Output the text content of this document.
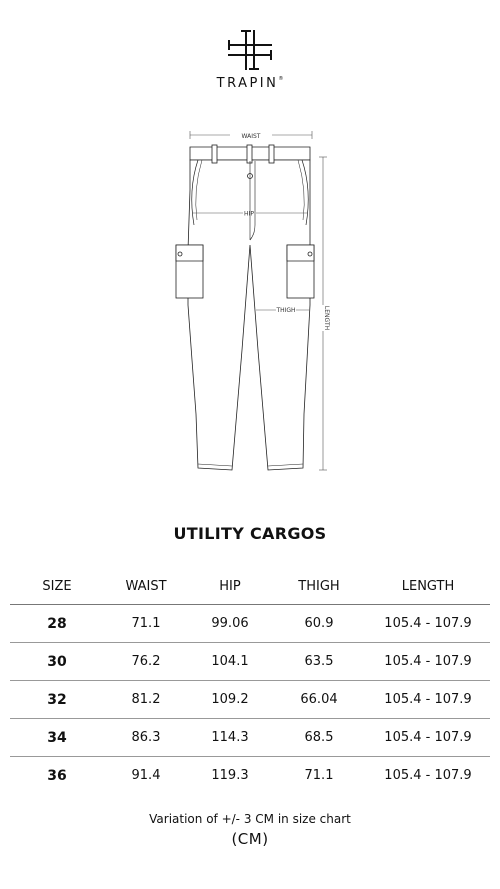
TRAPIN®
WAIST
LENGTH
HIP
THIGH
UTILITY CARGOS
SIZE	WAIST	HIP	THIGH	LENGTH
28	71.1	99.06	60.9	105.4 - 107.9
30	76.2	104.1	63.5	105.4 - 107.9
32	81.2	109.2	66.04	105.4 - 107.9
34	86.3	114.3	68.5	105.4 - 107.9
36	91.4	119.3	71.1	105.4 - 107.9
Variation of +/- 3 CM in size chart
(CM)
